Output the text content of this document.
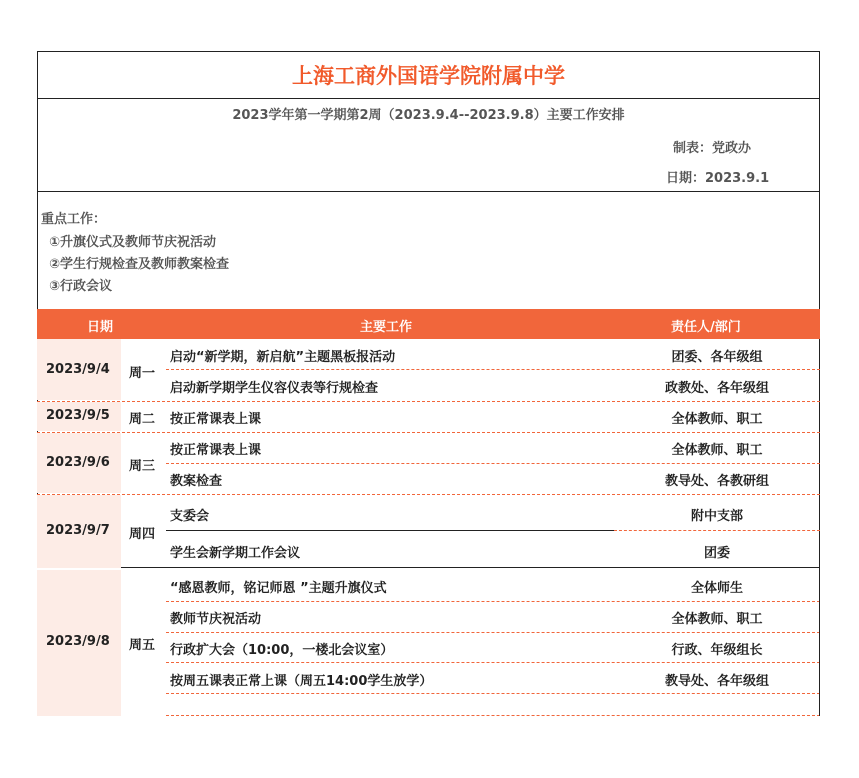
上海工商外国语学院附属中学
2023学年第一学期第2周（2023.9.4--2023.9.8）主要工作安排
制表：党政办
日期：2023.9.1
重点工作：
①升旗仪式及教师节庆祝活动
②学生行规检查及教师教案检查
③行政会议
日期	主要工作	责任人/部门
2023/9/4 周一
启动“新学期，新启航”主题黑板报活动	团委、各年级组
启动新学期学生仪容仪表等行规检查	政教处、各年级组
2023/9/5 周二 按正常课表上课	全体教师、职工
2023/9/6 周三
按正常课表上课	全体教师、职工
教案检查	教导处、各教研组
2023/9/7 周四
支委会	附中支部
学生会新学期工作会议	团委
2023/9/8 周五
“感恩教师，铭记师恩 ”主题升旗仪式	全体师生
教师节庆祝活动	全体教师、职工
行政扩大会（10:00，一楼北会议室）	行政、年级组长
按周五课表正常上课（周五14:00学生放学）	教导处、各年级组
